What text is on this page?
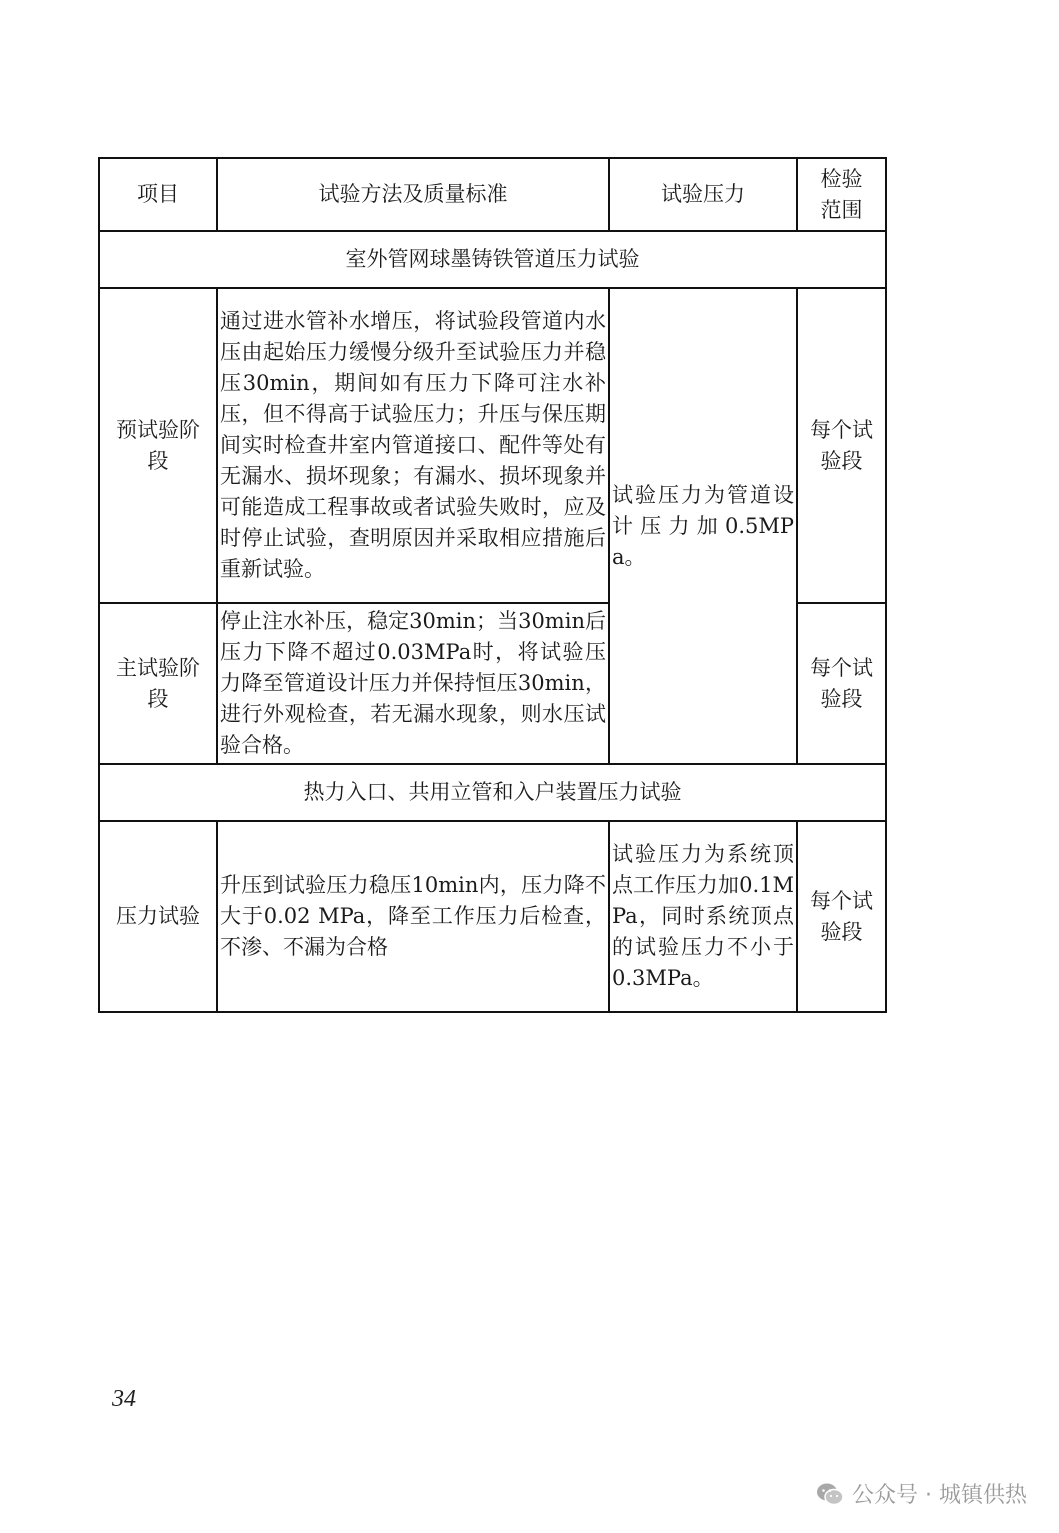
项目	试验方法及质量标准	试验压力	检验范围
室外管网球墨铸铁管道压力试验			
预试验阶段	通过进水管补水增压，将试验段管道内水压由起始压力缓慢分级升至试验压力并稳压30min，期间如有压力下降可注水补压，但不得高于试验压力；升压与保压期间实时检查井室内管道接口、配件等处有无漏水、损坏现象；有漏水、损坏现象并可能造成工程事故或者试验失败时，应及时停止试验，查明原因并采取相应措施后重新试验。	试验压力为管道设计压力加0.5MPa。	每个试验段
主试验阶段	停止注水补压，稳定30min；当30min后压力下降不超过0.03MPa时，将试验压力降至管道设计压力并保持恒压30min，进行外观检查，若无漏水现象，则水压试验合格。		每个试验段
热力入口、共用立管和入户装置压力试验			
压力试验	升压到试验压力稳压10min内，压力降不大于0.02 MPa，降至工作压力后检查，不渗、不漏为合格	试验压力为系统顶点工作压力加0.1MPa，同时系统顶点的试验压力不小于0.3MPa。	每个试验段
34
公众号 · 城镇供热
